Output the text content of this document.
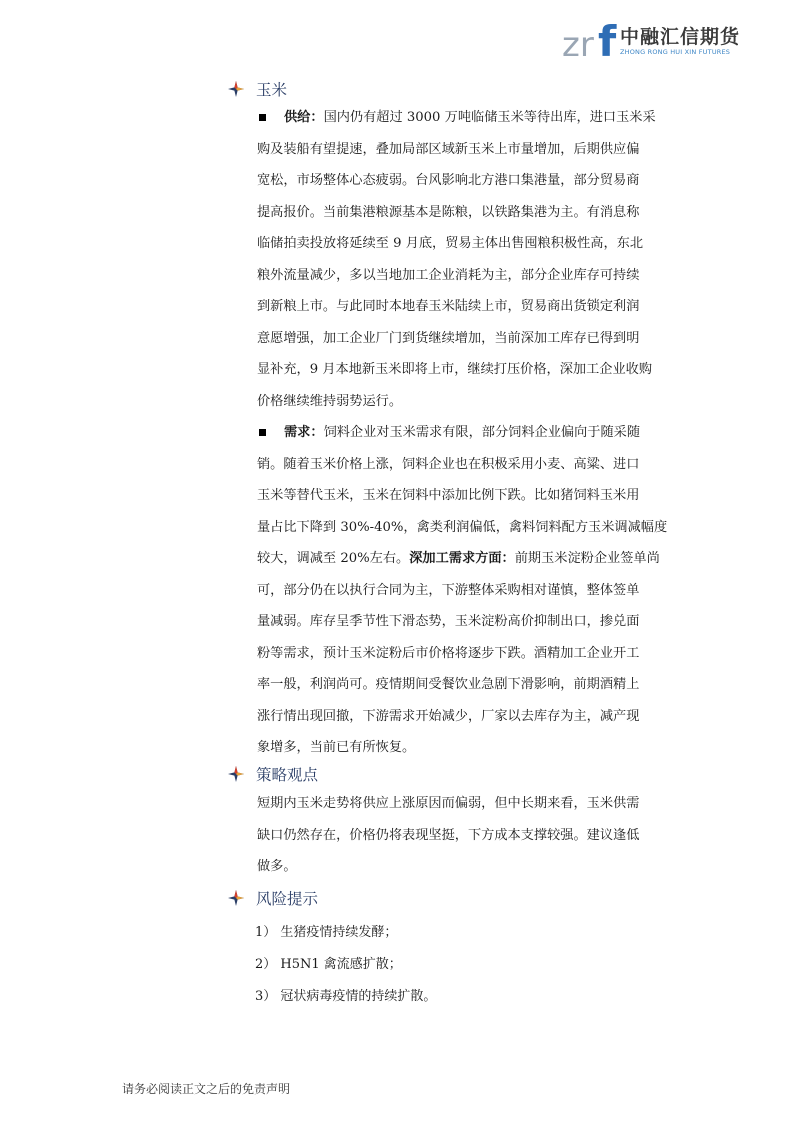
zr f 中融汇信期货
ZHONG RONG HUI XIN FUTURES
玉米
供给：国内仍有超过 3000 万吨临储玉米等待出库，进口玉米采
购及装船有望提速，叠加局部区域新玉米上市量增加，后期供应偏
宽松，市场整体心态疲弱。台风影响北方港口集港量，部分贸易商
提高报价。当前集港粮源基本是陈粮，以铁路集港为主。有消息称
临储拍卖投放将延续至 9 月底，贸易主体出售囤粮积极性高，东北
粮外流量减少，多以当地加工企业消耗为主，部分企业库存可持续
到新粮上市。与此同时本地春玉米陆续上市，贸易商出货锁定利润
意愿增强，加工企业厂门到货继续增加，当前深加工库存已得到明
显补充，9 月本地新玉米即将上市，继续打压价格，深加工企业收购
价格继续维持弱势运行。
需求：饲料企业对玉米需求有限，部分饲料企业偏向于随采随
销。随着玉米价格上涨，饲料企业也在积极采用小麦、高粱、进口
玉米等替代玉米，玉米在饲料中添加比例下跌。比如猪饲料玉米用
量占比下降到 30%-40%，禽类利润偏低，禽料饲料配方玉米调减幅度
较大，调减至 20%左右。深加工需求方面：前期玉米淀粉企业签单尚
可，部分仍在以执行合同为主，下游整体采购相对谨慎，整体签单
量减弱。库存呈季节性下滑态势，玉米淀粉高价抑制出口，掺兑面
粉等需求，预计玉米淀粉后市价格将逐步下跌。酒精加工企业开工
率一般，利润尚可。疫情期间受餐饮业急剧下滑影响，前期酒精上
涨行情出现回撤，下游需求开始减少，厂家以去库存为主，减产现
象增多，当前已有所恢复。
策略观点
短期内玉米走势将供应上涨原因而偏弱，但中长期来看，玉米供需
缺口仍然存在，价格仍将表现坚挺，下方成本支撑较强。建议逢低
做多。
风险提示
1） 生猪疫情持续发酵；
2） H5N1 禽流感扩散；
3） 冠状病毒疫情的持续扩散。
请务必阅读正文之后的免责声明
